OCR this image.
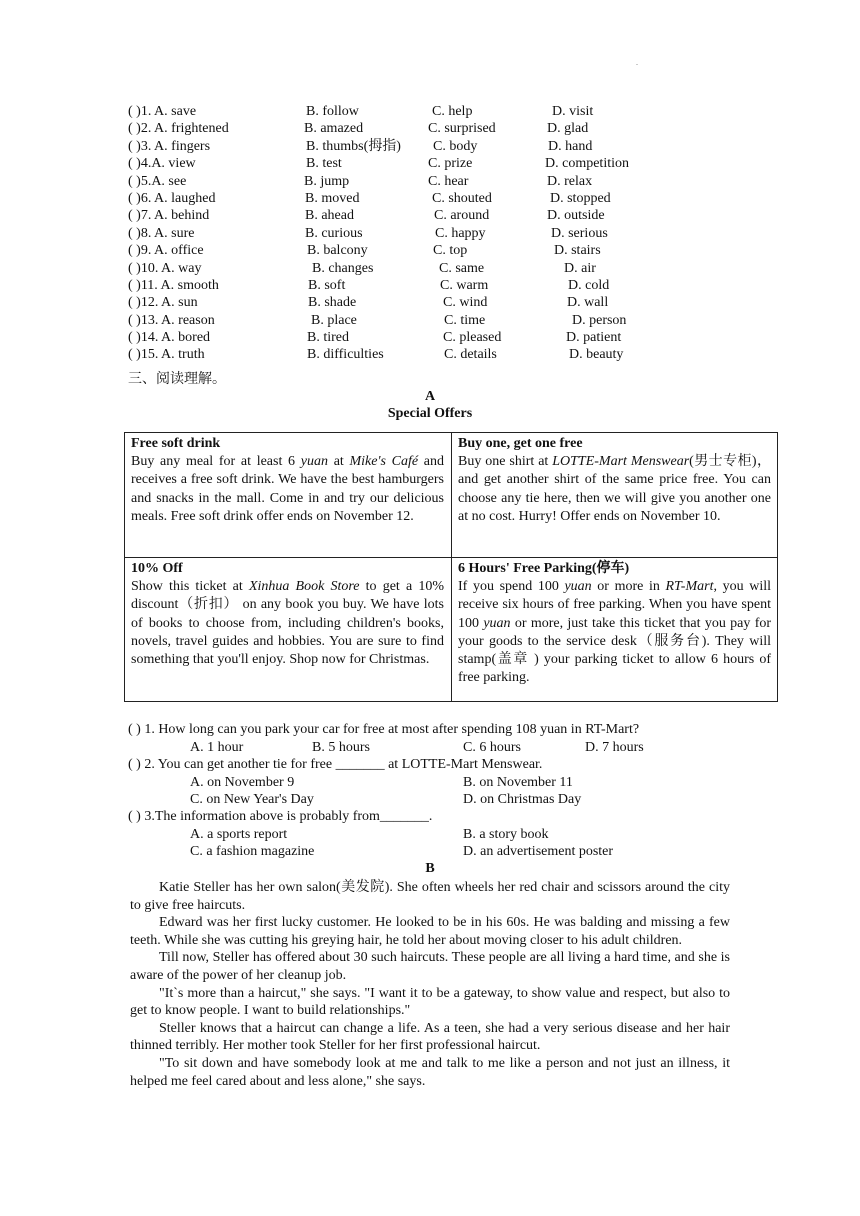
.
( )1. A. save	B. follow	C. help	D. visit
( )2. A. frightened	B. amazed	C. surprised	D. glad
( )3. A. fingers	B. thumbs(拇指) C. body	D. hand
( )4.A. view	B. test	C. prize	D. competition
( )5.A. see	B. jump	C. hear	D. relax
( )6. A. laughed	B. moved	C. shouted	D. stopped
( )7. A. behind	B. ahead	C. around	D. outside
( )8. A. sure	B. curious	C. happy	D. serious
( )9. A. office	B. balcony	C. top	D. stairs
( )10. A. way	B. changes	C. same	D. air
( )11. A. smooth	B. soft	C. warm	D. cold
( )12. A. sun	B. shade	C. wind	D. wall
( )13. A. reason	B. place	C. time	D. person
( )14. A. bored	B. tired	C. pleased	D. patient
( )15. A. truth	B. difficulties	C. details	D. beauty
三、阅读理解。
A
Special Offers
Free soft drink
Buy any meal for at least 6 yuan at Mike's Café and receives a free soft drink. We have the best hamburgers and snacks in the mall. Come in and try our delicious meals. Free soft drink offer ends on November 12.
Buy one, get one free
Buy one shirt at LOTTE-Mart Menswear(男士专柜)，and get another shirt of the same price free. You can choose any tie here, then we will give you another one at no cost. Hurry! Offer ends on November 10.
10% Off
Show this ticket at Xinhua Book Store to get a 10% discount（折扣） on any book you buy. We have lots of books to choose from, including children's books, novels, travel guides and hobbies. You are sure to find something that you'll enjoy. Shop now for Christmas.
6 Hours' Free Parking(停车)
If you spend 100 yuan or more in RT-Mart, you will receive six hours of free parking. When you have spent 100 yuan or more, just take this ticket that you pay for your goods to the service desk（服务台). They will stamp(盖章 ) your parking ticket to allow 6 hours of free parking.
( ) 1. How long can you park your car for free at most after spending 108 yuan in RT-Mart?
A. 1 hour	B. 5 hours	C. 6 hours	D. 7 hours
( ) 2. You can get another tie for free _______ at LOTTE-Mart Menswear.
A. on November 9	B. on November 11
C. on New Year's Day	D. on Christmas Day
( ) 3.The information above is probably from_______.
A. a sports report	B. a story book
C. a fashion magazine	D. an advertisement poster
B

Katie Steller has her own salon(美发院). She often wheels her red chair and scissors around the city to give free haircuts.

Edward was her first lucky customer. He looked to be in his 60s. He was balding and missing a few teeth. While she was cutting his greying hair, he told her about moving closer to his adult children.

Till now, Steller has offered about 30 such haircuts. These people are all living a hard time, and she is aware of the power of her cleanup job.

"It`s more than a haircut," she says. "I want it to be a gateway, to show value and respect, but also to get to know people. I want to build relationships."

Steller knows that a haircut can change a life. As a teen, she had a very serious disease and her hair thinned terribly. Her mother took Steller for her first professional haircut.

"To sit down and have somebody look at me and talk to me like a person and not just an illness, it helped me feel cared about and less alone," she says.
